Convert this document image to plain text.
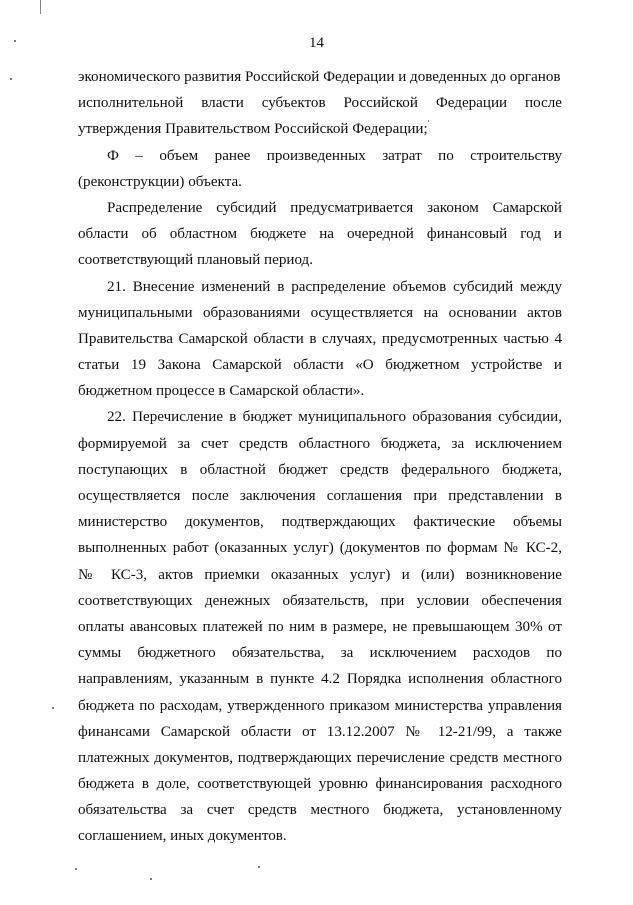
14
экономического развития Российской Федерации и доведенных до органов
исполнительной власти субъектов Российской Федерации после
утверждения Правительством Российской Федерации;
Ф – объем ранее произведенных затрат по строительству
(реконструкции) объекта.
Распределение субсидий предусматривается законом Самарской
области об областном бюджете на очередной финансовый год и
соответствующий плановый период.
21. Внесение изменений в распределение объемов субсидий между
муниципальными образованиями осуществляется на основании актов
Правительства Самарской области в случаях, предусмотренных частью 4
статьи 19 Закона Самарской области «О бюджетном устройстве и
бюджетном процессе в Самарской области».
22. Перечисление в бюджет муниципального образования субсидии,
формируемой за счет средств областного бюджета, за исключением
поступающих в областной бюджет средств федерального бюджета,
осуществляется после заключения соглашения при представлении в
министерство документов, подтверждающих фактические объемы
выполненных работ (оказанных услуг) (документов по формам № КС-2,
№ КС-3, актов приемки оказанных услуг) и (или) возникновение
соответствующих денежных обязательств, при условии обеспечения
оплаты авансовых платежей по ним в размере, не превышающем 30% от
суммы бюджетного обязательства, за исключением расходов по
направлениям, указанным в пункте 4.2 Порядка исполнения областного
бюджета по расходам, утвержденного приказом министерства управления
финансами Самарской области от 13.12.2007 № 12-21/99, а также
платежных документов, подтверждающих перечисление средств местного
бюджета в доле, соответствующей уровню финансирования расходного
обязательства за счет средств местного бюджета, установленному
соглашением, иных документов.
